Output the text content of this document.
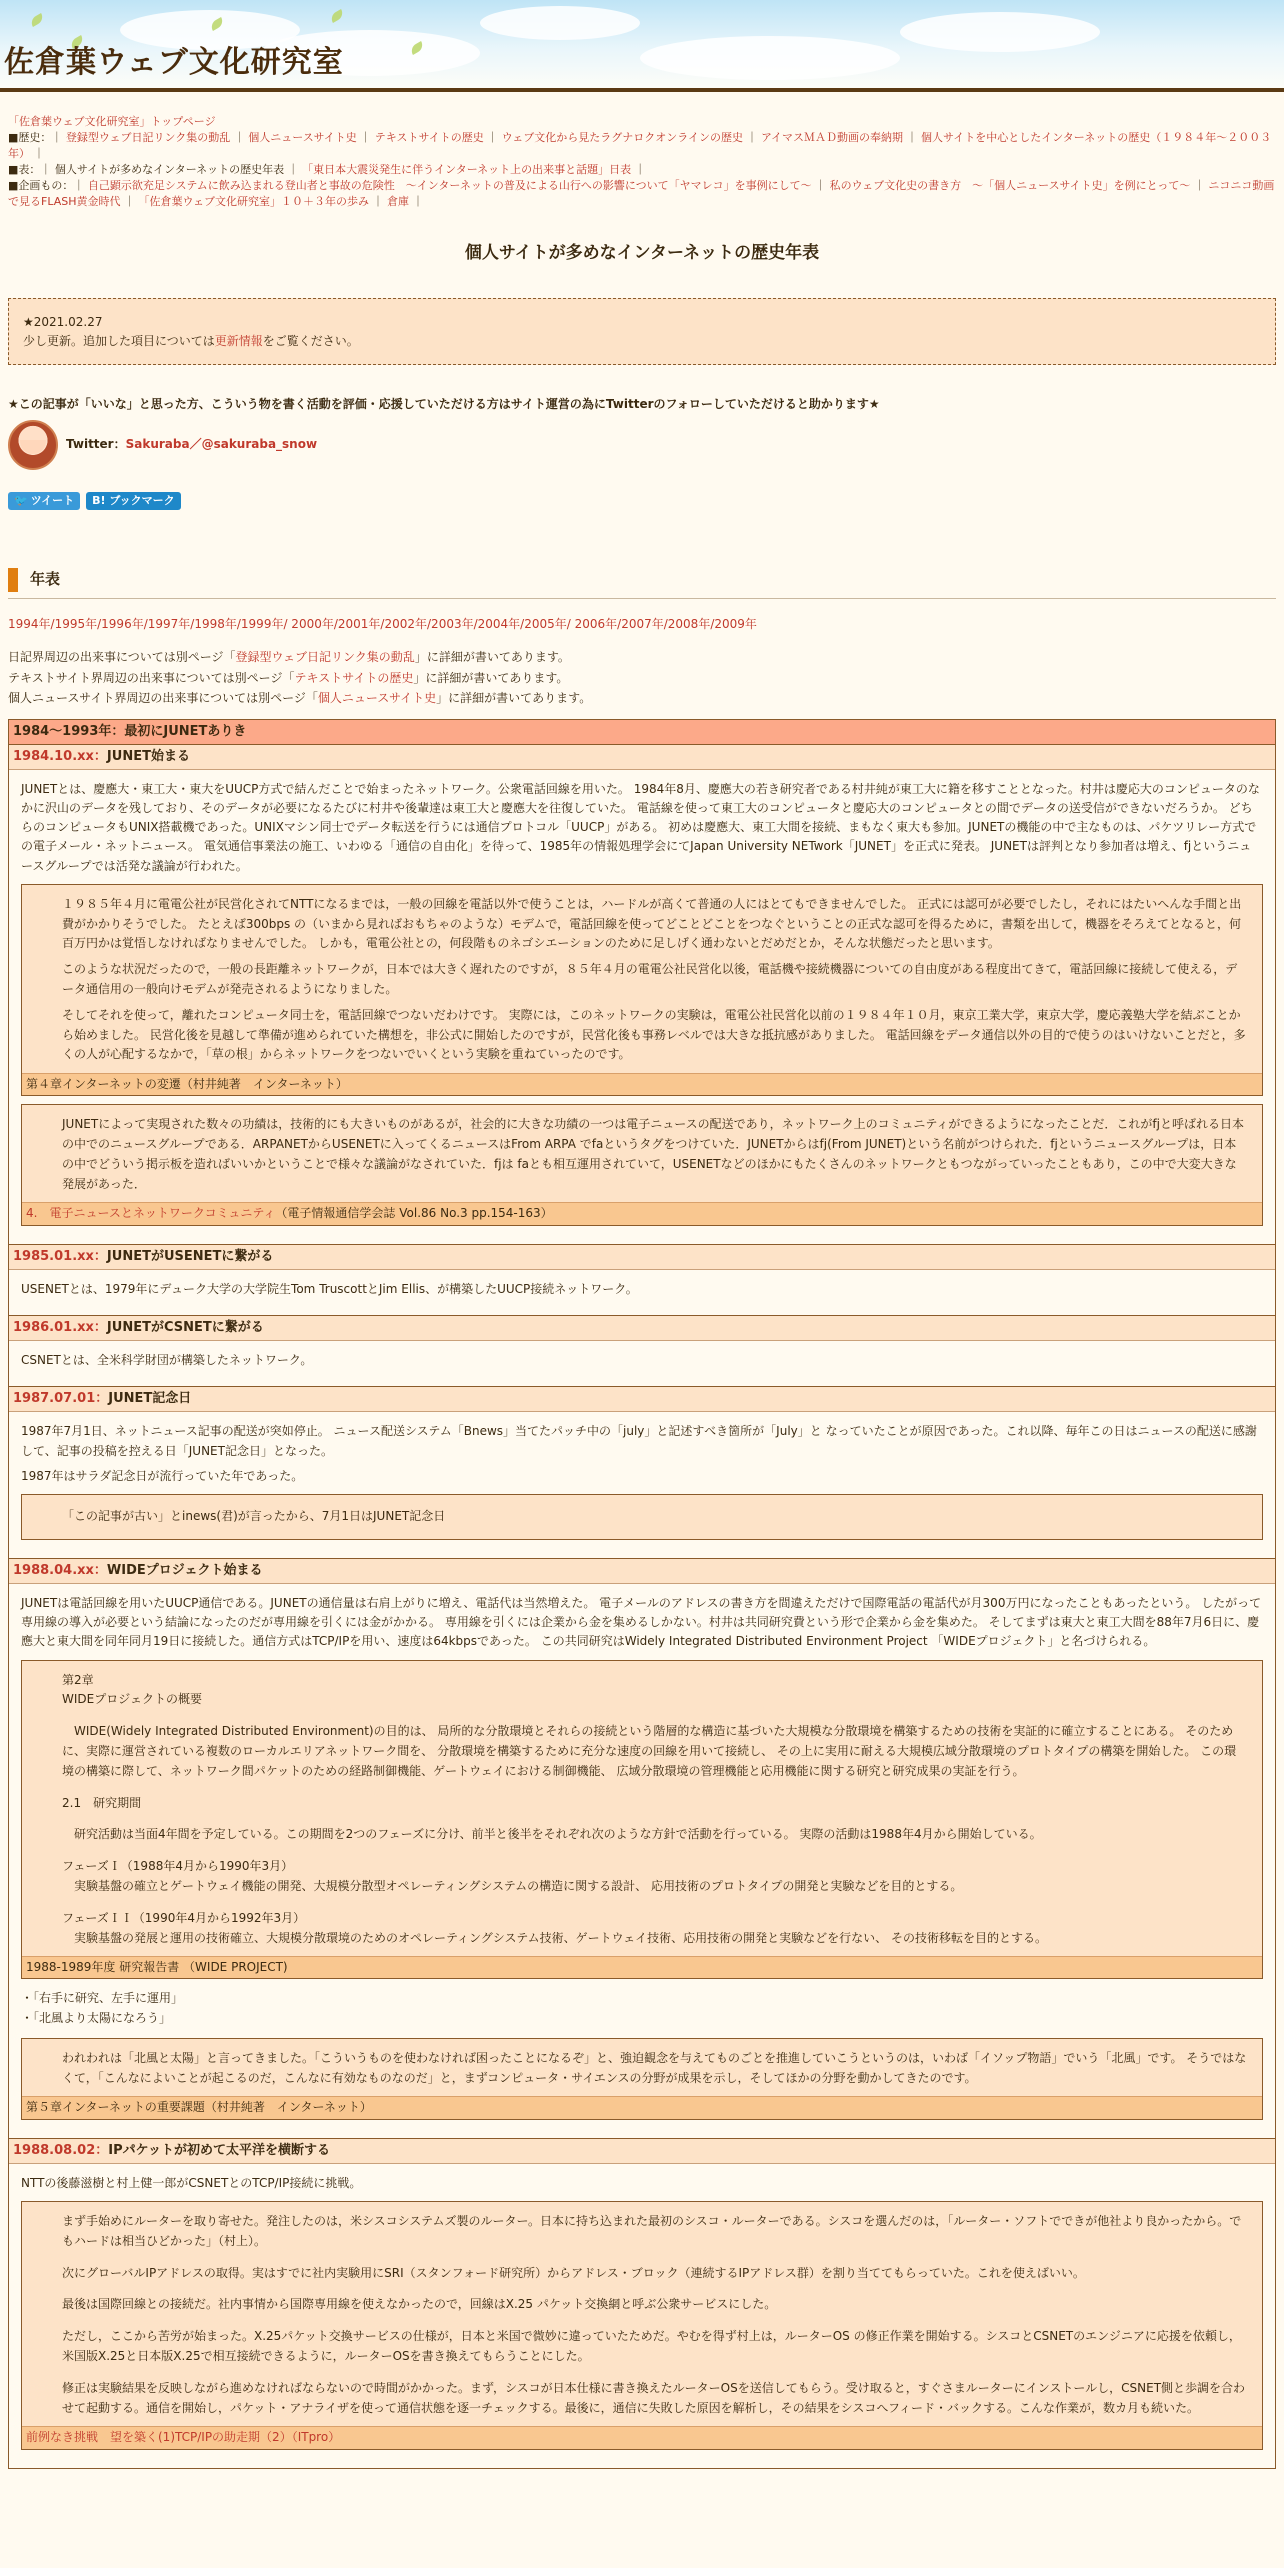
佐倉葉ウェブ文化研究室
「佐倉葉ウェブ文化研究室」トップページ
■歴史：｜ 登録型ウェブ日記リンク集の動乱 ｜ 個人ニュースサイト史 ｜ テキストサイトの歴史 ｜ ウェブ文化から見たラグナロクオンラインの歴史 ｜ アイマスＭＡＤ動画の奉納期 ｜ 個人サイトを中心としたインターネットの歴史（１９８４年～２００３年） ｜
■表：｜ 個人サイトが多めなインターネットの歴史年表 ｜ 「東日本大震災発生に伴うインターネット上の出来事と話題」日表 ｜
■企画もの：｜ 自己顕示欲充足システムに飲み込まれる登山者と事故の危険性　～インターネットの普及による山行への影響について「ヤマレコ」を事例にして～ ｜ 私のウェブ文化史の書き方　～「個人ニュースサイト史」を例にとって～ ｜ ニコニコ動画で見るFLASH黄金時代 ｜ 「佐倉葉ウェブ文化研究室」１０＋３年の歩み ｜ 倉庫 ｜
個人サイトが多めなインターネットの歴史年表
★2021.02.27
少し更新。追加した項目については更新情報をご覧ください。
★この記事が「いいな」と思った方、こういう物を書く活動を評価・応援していただける方はサイト運営の為にTwitterのフォローしていただけると助かります★
Twitter： Sakuraba／@sakuraba_snow
🐦 ツイート	B! ブックマーク
年表
1994年/1995年/1996年/1997年/1998年/1999年/ 2000年/2001年/2002年/2003年/2004年/2005年/ 2006年/2007年/2008年/2009年
日記界周辺の出来事については別ページ「登録型ウェブ日記リンク集の動乱」に詳細が書いてあります。
テキストサイト界周辺の出来事については別ページ「テキストサイトの歴史」に詳細が書いてあります。
個人ニュースサイト界周辺の出来事については別ページ「個人ニュースサイト史」に詳細が書いてあります。
1984～1993年：最初にJUNETありき
1984.10.xx：JUNET始まる

JUNETとは、慶應大・東工大・東大をUUCP方式で結んだことで始まったネットワーク。公衆電話回線を用いた。 1984年8月、慶應大の若き研究者である村井純が東工大に籍を移すこととなった。村井は慶応大のコンピュータのなかに沢山のデータを残しており、そのデータが必要になるたびに村井や後輩達は東工大と慶應大を往復していた。 電話線を使って東工大のコンピュータと慶応大のコンピュータとの間でデータの送受信ができないだろうか。 どちらのコンピュータもUNIX搭載機であった。UNIXマシン同士でデータ転送を行うには通信プロトコル「UUCP」がある。 初めは慶應大、東工大間を接続、まもなく東大も参加。JUNETの機能の中で主なものは、パケツリレー方式での電子メール・ネットニュース。 電気通信事業法の施工、いわゆる「通信の自由化」を待って、1985年の情報処理学会にてJapan University NETwork「JUNET」を正式に発表。 JUNETは評判となり参加者は増え、fjというニュースグループでは活発な議論が行われた。

１９８５年４月に電電公社が民営化されてNTTになるまでは，一般の回線を電話以外で使うことは，ハードルが高くて普通の人にはとてもできませんでした。 正式には認可が必要でしたし，それにはたいへんな手間と出費がかかりそうでした。 たとえば300bps の（いまから見ればおもちゃのような）モデムで，電話回線を使ってどことどことをつなぐということの正式な認可を得るために，書類を出して，機器をそろえてとなると，何百万円かは覚悟しなければなりませんでした。 しかも，電電公社との，何段階ものネゴシエーションのために足しげく通わないとだめだとか，そんな状態だったと思います。

このような状況だったので，一般の長距離ネットワークが，日本では大きく遅れたのですが，８５年４月の電電公社民営化以後，電話機や接続機器についての自由度がある程度出てきて，電話回線に接続して使える，データ通信用の一般向けモデムが発売されるようになりました。

そしてそれを使って，離れたコンピュータ同士を，電話回線でつないだわけです。 実際には，このネットワークの実験は，電電公社民営化以前の１９８４年１０月，東京工業大学，東京大学，慶応義塾大学を結ぶことから始めました。 民営化後を見越して準備が進められていた構想を，非公式に開始したのですが，民営化後も事務レベルでは大きな抵抗感がありました。 電話回線をデータ通信以外の目的で使うのはいけないことだと，多くの人が心配するなかで，「草の根」からネットワークをつないでいくという実験を重ねていったのです。

第４章インターネットの変遷（村井純著　インターネット）

JUNETによって実現された数々の功績は，技術的にも大きいものがあるが，社会的に大きな功績の一つは電子ニュースの配送であり，ネットワーク上のコミュニティができるようになったことだ．これがfjと呼ばれる日本の中でのニュースグループである．ARPANETからUSENETに入ってくるニュースはFrom ARPA でfaというタグをつけていた．JUNETからはfj(From JUNET)という名前がつけられた．fjというニュースグループは，日本の中でどういう掲示板を造ればいいかということで様々な議論がなされていた．fjは faとも相互運用されていて，USENETなどのほかにもたくさんのネットワークともつながっていったこともあり，この中で大変大きな発展があった．

4.　電子ニュースとネットワークコミュニティ（電子情報通信学会誌 Vol.86 No.3 pp.154-163）
1985.01.xx：JUNETがUSENETに繋がる

USENETとは、1979年にデューク大学の大学院生Tom TruscottとJim Ellis、が構築したUUCP接続ネットワーク。

1986.01.xx：JUNETがCSNETに繋がる

CSNETとは、全米科学財団が構築したネットワーク。

1987.07.01：JUNET記念日

1987年7月1日、ネットニュース記事の配送が突如停止。 ニュース配送システム「Bnews」当てたパッチ中の「july」と記述すべき箇所が「July」と なっていたことが原因であった。これ以降、毎年この日はニュースの配送に感謝して、記事の投稿を控える日「JUNET記念日」となった。

1987年はサラダ記念日が流行っていた年であった。

「この記事が古い」とinews(君)が言ったから、7月1日はJUNET記念日

1988.04.xx：WIDEプロジェクト始まる

JUNETは電話回線を用いたUUCP通信である。JUNETの通信量は右肩上がりに増え、電話代は当然増えた。 電子メールのアドレスの書き方を間違えただけで国際電話の電話代が月300万円になったこともあったという。 したがって専用線の導入が必要という結論になったのだが専用線を引くには金がかかる。 専用線を引くには企業から金を集めるしかない。村井は共同研究費という形で企業から金を集めた。 そしてまずは東大と東工大間を88年7月6日に、慶應大と東大間を同年同月19日に接続した。通信方式はTCP/IPを用い、速度は64kbpsであった。 この共同研究はWidely Integrated Distributed Environment Project 「WIDEプロジェクト」と名づけられる。

第2章

WIDEプロジェクトの概要

WIDE(Widely Integrated Distributed Environment)の目的は、 局所的な分散環境とそれらの接続という階層的な構造に基づいた大規模な分散環境を構築するための技術を実証的に確立することにある。 そのために、実際に運営されている複数のローカルエリアネットワーク間を、 分散環境を構築するために充分な速度の回線を用いて接続し、 その上に実用に耐える大規模広域分散環境のプロトタイプの構築を開始した。 この環境の構築に際して、ネットワーク間パケットのための経路制御機能、ゲートウェイにおける制御機能、 広域分散環境の管理機能と応用機能に関する研究と研究成果の実証を行う。

2.1　研究期間

研究活動は当面4年間を予定している。この期間を2つのフェーズに分け、前半と後半をそれぞれ次のような方針で活動を行っている。 実際の活動は1988年4月から開始している。

フェーズＩ（1988年4月から1990年3月）

実験基盤の確立とゲートウェイ機能の開発、大規模分散型オペレーティングシステムの構造に関する設計、 応用技術のプロトタイプの開発と実験などを目的とする。

フェーズＩＩ（1990年4月から1992年3月）

実験基盤の発展と運用の技術確立、大規模分散環境のためのオペレーティングシステム技術、ゲートウェイ技術、応用技術の開発と実験などを行ない、 その技術移転を目的とする。

1988-1989年度 研究報告書 （WIDE PROJECT)
・「右手に研究、左手に運用」
・「北風より太陽になろう」

われわれは「北風と太陽」と言ってきました。「こういうものを使わなければ困ったことになるぞ」と、強迫観念を与えてものごとを推進していこうというのは，いわば「イソップ物語」でいう「北風」です。 そうではなくて，「こんなによいことが起こるのだ，こんなに有効なものなのだ」と，まずコンピュータ・サイエンスの分野が成果を示し，そしてほかの分野を動かしてきたのです。

第５章インターネットの重要課題（村井純著　インターネット）
1988.08.02：IPパケットが初めて太平洋を横断する

NTTの後藤滋樹と村上健一郎がCSNETとのTCP/IP接続に挑戦。

まず手始めにルーターを取り寄せた。発注したのは，米シスコシステムズ製のルーター。日本に持ち込まれた最初のシスコ・ルーターである。シスコを選んだのは，「ルーター・ソフトでできが他社より良かったから。でもハードは相当ひどかった」（村上）。

次にグローバルIPアドレスの取得。実はすでに社内実験用にSRI（スタンフォード研究所）からアドレス・ブロック（連続するIPアドレス群）を割り当ててもらっていた。これを使えばいい。

最後は国際回線との接続だ。社内事情から国際専用線を使えなかったので，回線はX.25 パケット交換網と呼ぶ公衆サービスにした。

ただし，ここから苦労が始まった。X.25パケット交換サービスの仕様が，日本と米国で微妙に違っていたためだ。やむを得ず村上は，ルーターOS の修正作業を開始する。シスコとCSNETのエンジニアに応援を依頼し，米国版X.25と日本版X.25で相互接続できるように，ルーターOSを書き換えてもらうことにした。

修正は実験結果を反映しながら進めなければならないので時間がかかった。まず，シスコが日本仕様に書き換えたルーターOSを送信してもらう。受け取ると，すぐさまルーターにインストールし，CSNET側と歩調を合わせて起動する。通信を開始し，パケット・アナライザを使って通信状態を逐一チェックする。最後に，通信に失敗した原因を解析し，その結果をシスコへフィード・バックする。こんな作業が，数カ月も続いた。

前例なき挑戦　望を築く(1)TCP/IPの助走期（2）（ITpro）
